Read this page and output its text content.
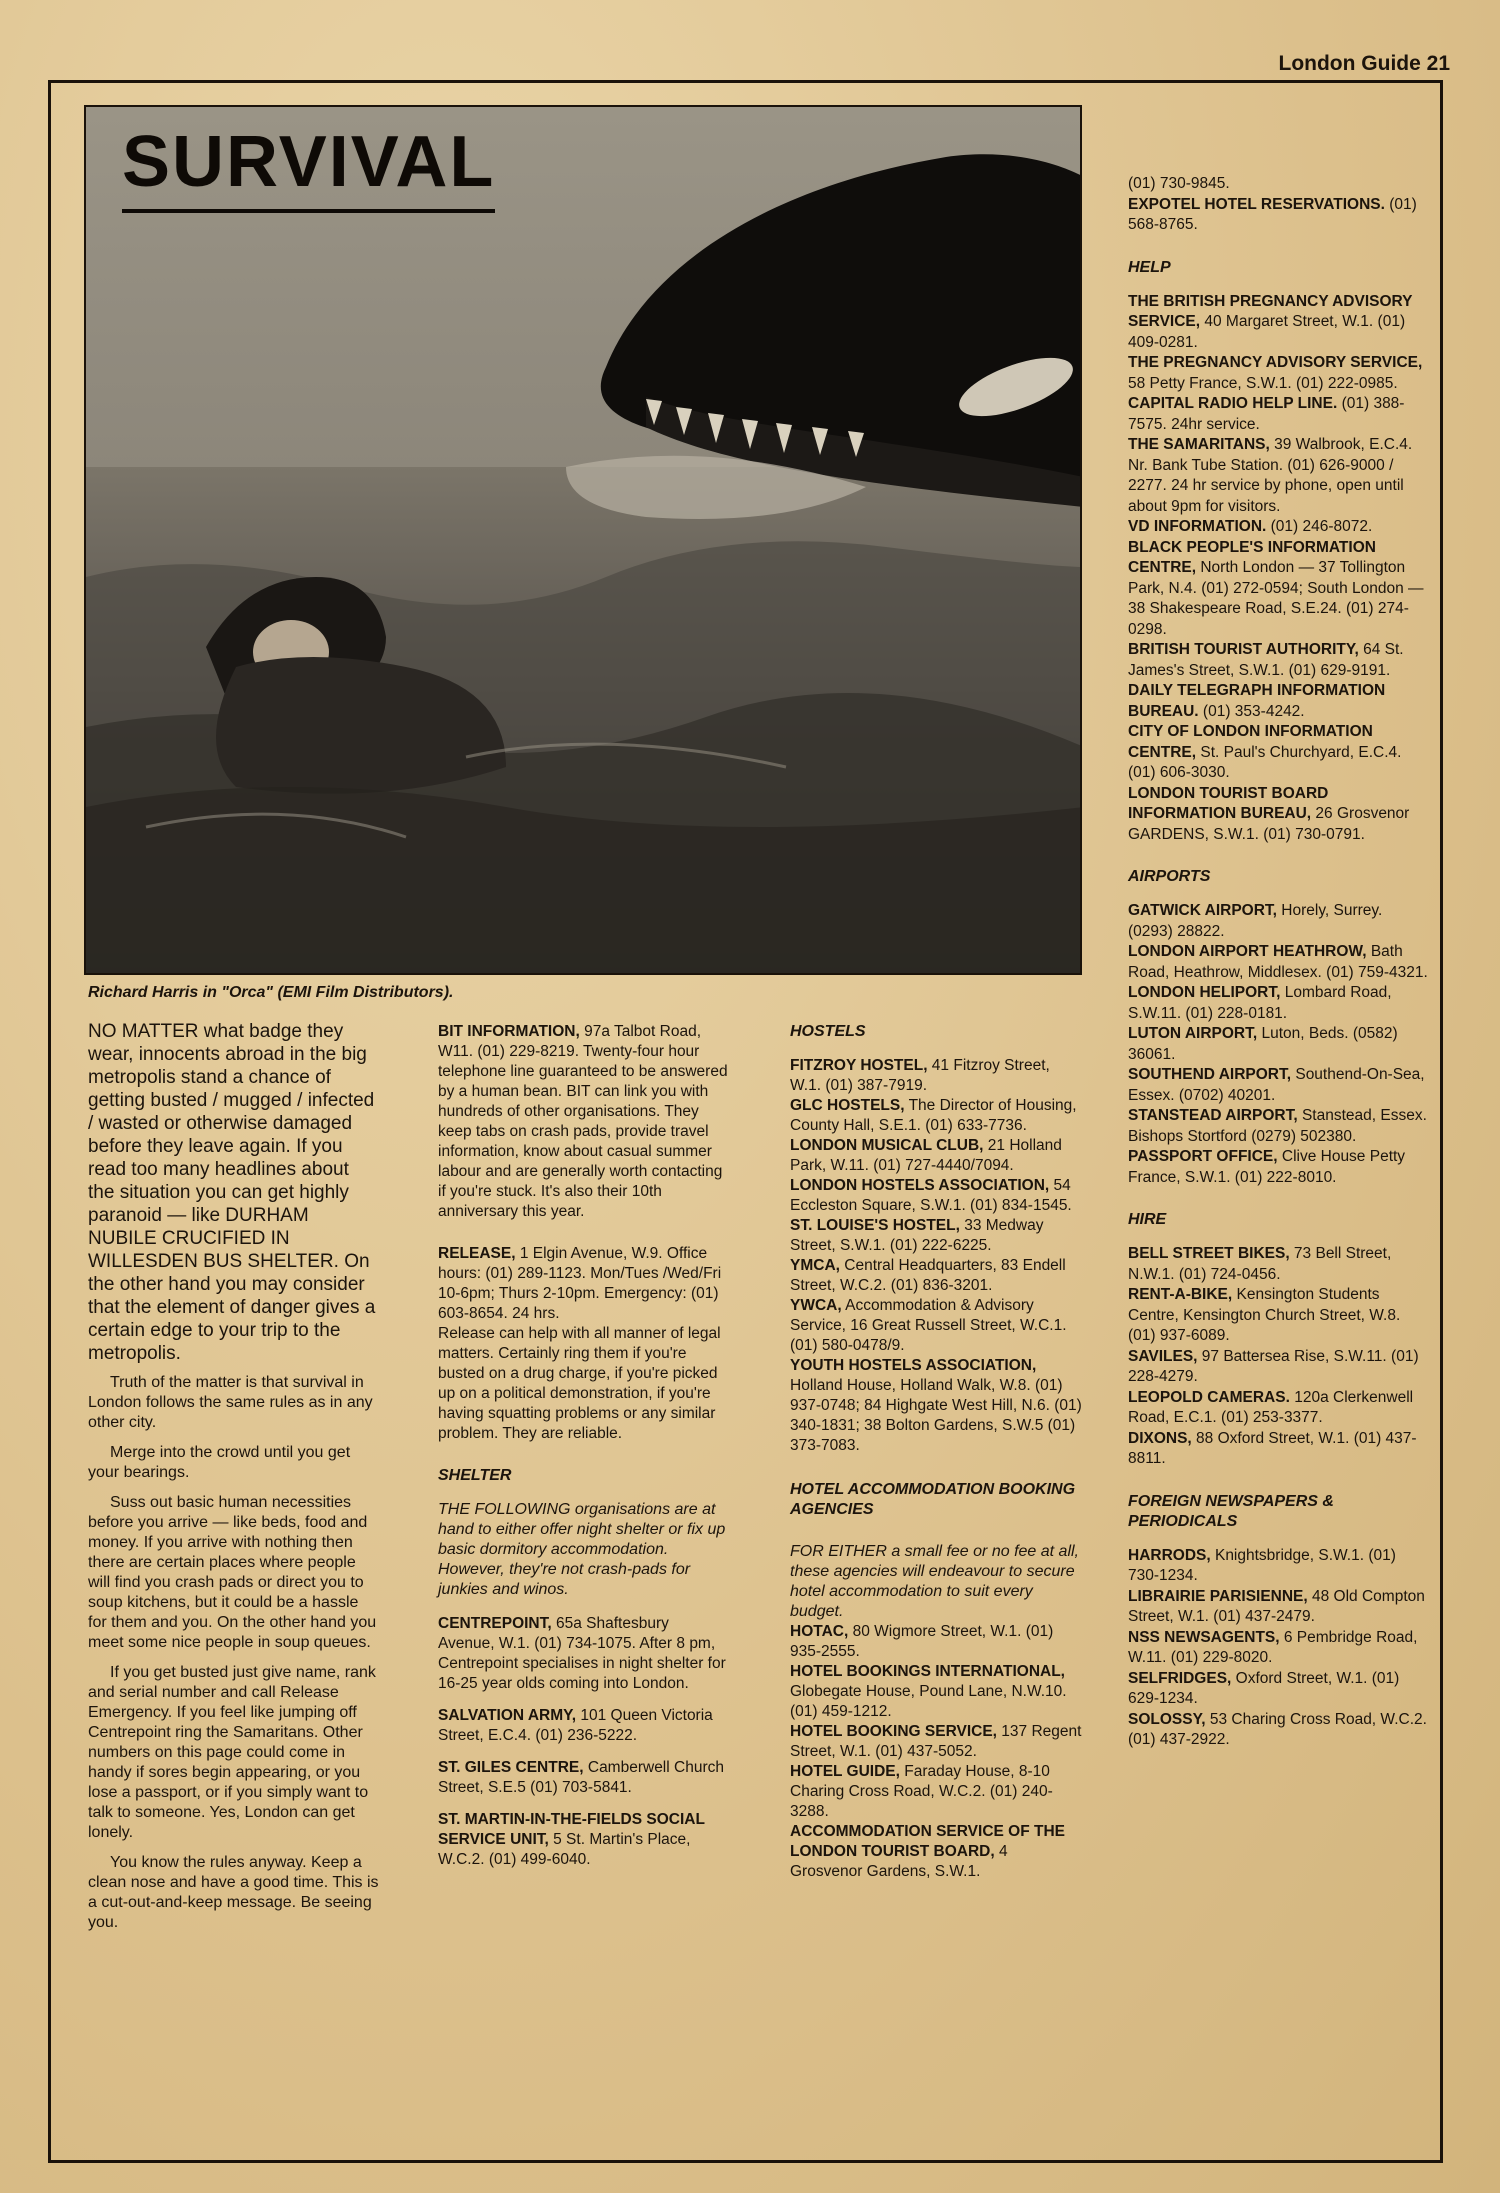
London Guide 21
SURVIVAL
Richard Harris in "Orca" (EMI Film Distributors).

NO MATTER what badge they wear, innocents abroad in the big metropolis stand a chance of getting busted / mugged / infected / wasted or otherwise damaged before they leave again. If you read too many headlines about the situation you can get highly paranoid — like DURHAM NUBILE CRUCIFIED IN WILLESDEN BUS SHELTER. On the other hand you may consider that the element of danger gives a certain edge to your trip to the metropolis.

Truth of the matter is that survival in London follows the same rules as in any other city.

Merge into the crowd until you get your bearings.

Suss out basic human necessities before you arrive — like beds, food and money. If you arrive with nothing then there are certain places where people will find you crash pads or direct you to soup kitchens, but it could be a hassle for them and you. On the other hand you meet some nice people in soup queues.

If you get busted just give name, rank and serial number and call Release Emergency. If you feel like jumping off Centrepoint ring the Samaritans. Other numbers on this page could come in handy if sores begin appearing, or you lose a passport, or if you simply want to talk to someone. Yes, London can get lonely.

You know the rules anyway. Keep a clean nose and have a good time. This is a cut-out-and-keep message. Be seeing you.

BIT INFORMATION, 97a Talbot Road, W11. (01) 229-8219. Twenty-four hour telephone line guaranteed to be answered by a human bean. BIT can link you with hundreds of other organisations. They keep tabs on crash pads, provide travel information, know about casual summer labour and are generally worth contacting if you're stuck. It's also their 10th anniversary this year.

RELEASE, 1 Elgin Avenue, W.9. Office hours: (01) 289-1123. Mon/Tues /Wed/Fri 10-6pm; Thurs 2-10pm. Emergency: (01) 603-8654. 24 hrs.

Release can help with all manner of legal matters. Certainly ring them if you're busted on a drug charge, if you're picked up on a political demonstration, if you're having squatting problems or any similar problem. They are reliable.

SHELTER

THE FOLLOWING organisations are at hand to either offer night shelter or fix up basic dormitory accommodation. However, they're not crash-pads for junkies and winos.

CENTREPOINT, 65a Shaftesbury Avenue, W.1. (01) 734-1075. After 8 pm, Centrepoint specialises in night shelter for 16-25 year olds coming into London.

SALVATION ARMY, 101 Queen Victoria Street, E.C.4. (01) 236-5222.

ST. GILES CENTRE, Camberwell Church Street, S.E.5 (01) 703-5841.

ST. MARTIN-IN-THE-FIELDS SOCIAL SERVICE UNIT, 5 St. Martin's Place, W.C.2. (01) 499-6040.

HOSTELS

FITZROY HOSTEL, 41 Fitzroy Street, W.1. (01) 387-7919.

GLC HOSTELS, The Director of Housing, County Hall, S.E.1. (01) 633-7736.

LONDON MUSICAL CLUB, 21 Holland Park, W.11. (01) 727-4440/7094.

LONDON HOSTELS ASSOCIATION, 54 Eccleston Square, S.W.1. (01) 834-1545.

ST. LOUISE'S HOSTEL, 33 Medway Street, S.W.1. (01) 222-6225.

YMCA, Central Headquarters, 83 Endell Street, W.C.2. (01) 836-3201.

YWCA, Accommodation & Advisory Service, 16 Great Russell Street, W.C.1. (01) 580-0478/9.

YOUTH HOSTELS ASSOCIATION, Holland House, Holland Walk, W.8. (01) 937-0748; 84 Highgate West Hill, N.6. (01) 340-1831; 38 Bolton Gardens, S.W.5 (01) 373-7083.

HOTEL ACCOMMODATION BOOKING AGENCIES

FOR EITHER a small fee or no fee at all, these agencies will endeavour to secure hotel accommodation to suit every budget.

HOTAC, 80 Wigmore Street, W.1. (01) 935-2555.

HOTEL BOOKINGS INTERNATIONAL, Globegate House, Pound Lane, N.W.10. (01) 459-1212.

HOTEL BOOKING SERVICE, 137 Regent Street, W.1. (01) 437-5052.

HOTEL GUIDE, Faraday House, 8-10 Charing Cross Road, W.C.2. (01) 240-3288.

ACCOMMODATION SERVICE OF THE LONDON TOURIST BOARD, 4 Grosvenor Gardens, S.W.1.

(01) 730-9845.

EXPOTEL HOTEL RESERVATIONS. (01) 568-8765.

HELP

THE BRITISH PREGNANCY ADVISORY SERVICE, 40 Margaret Street, W.1. (01) 409-0281.

THE PREGNANCY ADVISORY SERVICE, 58 Petty France, S.W.1. (01) 222-0985.

CAPITAL RADIO HELP LINE. (01) 388-7575. 24hr service.

THE SAMARITANS, 39 Walbrook, E.C.4. Nr. Bank Tube Station. (01) 626-9000 / 2277. 24 hr service by phone, open until about 9pm for visitors.

VD INFORMATION. (01) 246-8072.

BLACK PEOPLE'S INFORMATION CENTRE, North London — 37 Tollington Park, N.4. (01) 272-0594; South London — 38 Shakespeare Road, S.E.24. (01) 274-0298.

BRITISH TOURIST AUTHORITY, 64 St. James's Street, S.W.1. (01) 629-9191.

DAILY TELEGRAPH INFORMATION BUREAU. (01) 353-4242.

CITY OF LONDON INFORMATION CENTRE, St. Paul's Churchyard, E.C.4. (01) 606-3030.

LONDON TOURIST BOARD INFORMATION BUREAU, 26 Grosvenor GARDENS, S.W.1. (01) 730-0791.

AIRPORTS

GATWICK AIRPORT, Horely, Surrey. (0293) 28822.

LONDON AIRPORT HEATHROW, Bath Road, Heathrow, Middlesex. (01) 759-4321.

LONDON HELIPORT, Lombard Road, S.W.11. (01) 228-0181.

LUTON AIRPORT, Luton, Beds. (0582) 36061.

SOUTHEND AIRPORT, Southend-On-Sea, Essex. (0702) 40201.

STANSTEAD AIRPORT, Stanstead, Essex. Bishops Stortford (0279) 502380.

PASSPORT OFFICE, Clive House Petty France, S.W.1. (01) 222-8010.

HIRE

BELL STREET BIKES, 73 Bell Street, N.W.1. (01) 724-0456.

RENT-A-BIKE, Kensington Students Centre, Kensington Church Street, W.8. (01) 937-6089.

SAVILES, 97 Battersea Rise, S.W.11. (01) 228-4279.

LEOPOLD CAMERAS. 120a Clerkenwell Road, E.C.1. (01) 253-3377.

DIXONS, 88 Oxford Street, W.1. (01) 437-8811.

FOREIGN NEWSPAPERS & PERIODICALS

HARRODS, Knightsbridge, S.W.1. (01) 730-1234.

LIBRAIRIE PARISIENNE, 48 Old Compton Street, W.1. (01) 437-2479.

NSS NEWSAGENTS, 6 Pembridge Road, W.11. (01) 229-8020.

SELFRIDGES, Oxford Street, W.1. (01) 629-1234.

SOLOSSY, 53 Charing Cross Road, W.C.2. (01) 437-2922.
